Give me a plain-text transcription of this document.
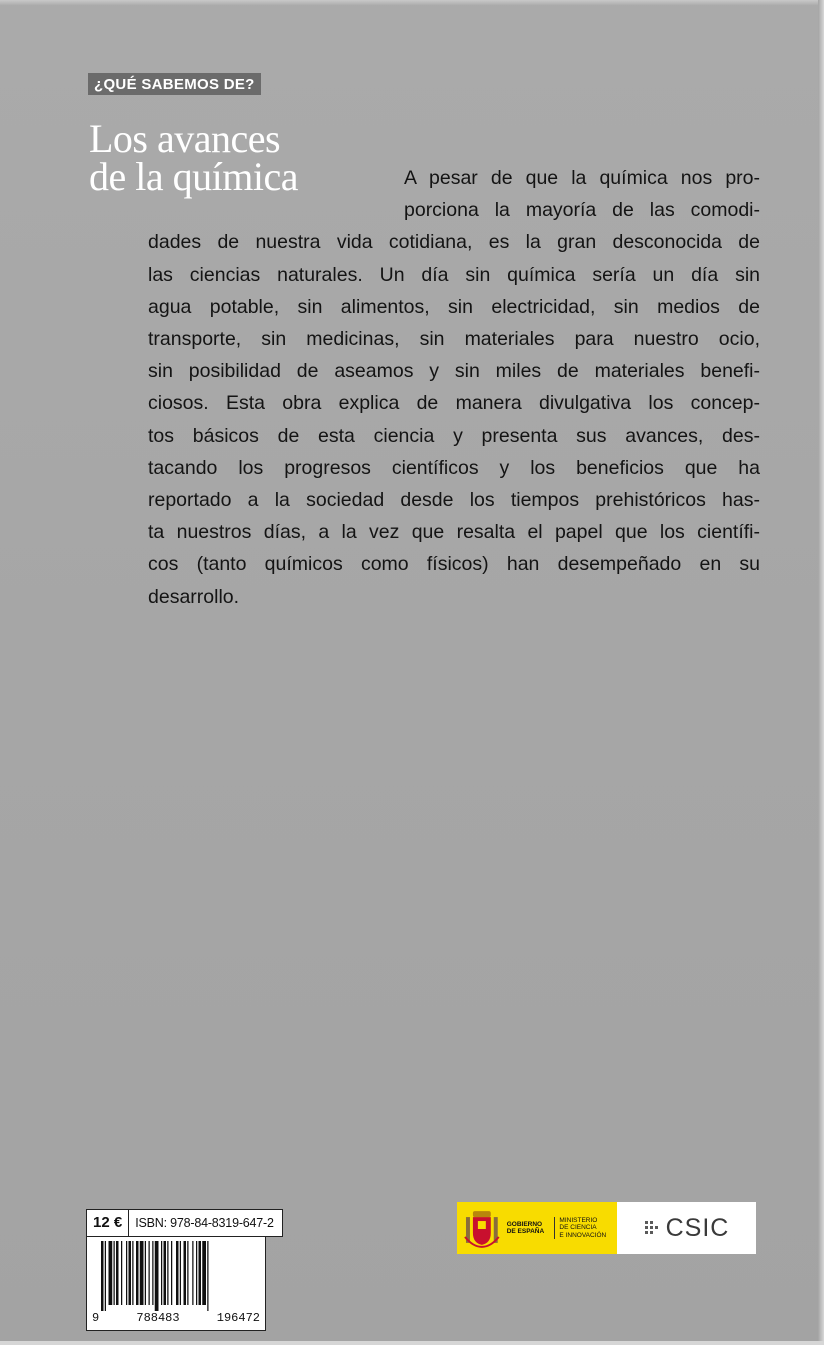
¿QUÉ SABEMOS DE?
Los avances
de la química	A pesar de que la química nos pro-
porciona la mayoría de las comodi-
dades de nuestra vida cotidiana, es la gran desconocida de
las ciencias naturales. Un día sin química sería un día sin
agua potable, sin alimentos, sin electricidad, sin medios de
transporte, sin medicinas, sin materiales para nuestro ocio,
sin posibilidad de aseamos y sin miles de materiales benefi-
ciosos. Esta obra explica de manera divulgativa los concep-
tos básicos de esta ciencia y presenta sus avances, des-
tacando los progresos científicos y los beneficios que ha
reportado a la sociedad desde los tiempos prehistóricos has-
ta nuestros días, a la vez que resalta el papel que los científi-
cos (tanto químicos como físicos) han desempeñado en su
desarrollo.

12 €	ISBN: 978-84-8319-647-2
9	788483	196472
GOBIERNO
DE ESPAÑA
MINISTERIO
DE CIENCIA
E INNOVACIÓN	CSIC
